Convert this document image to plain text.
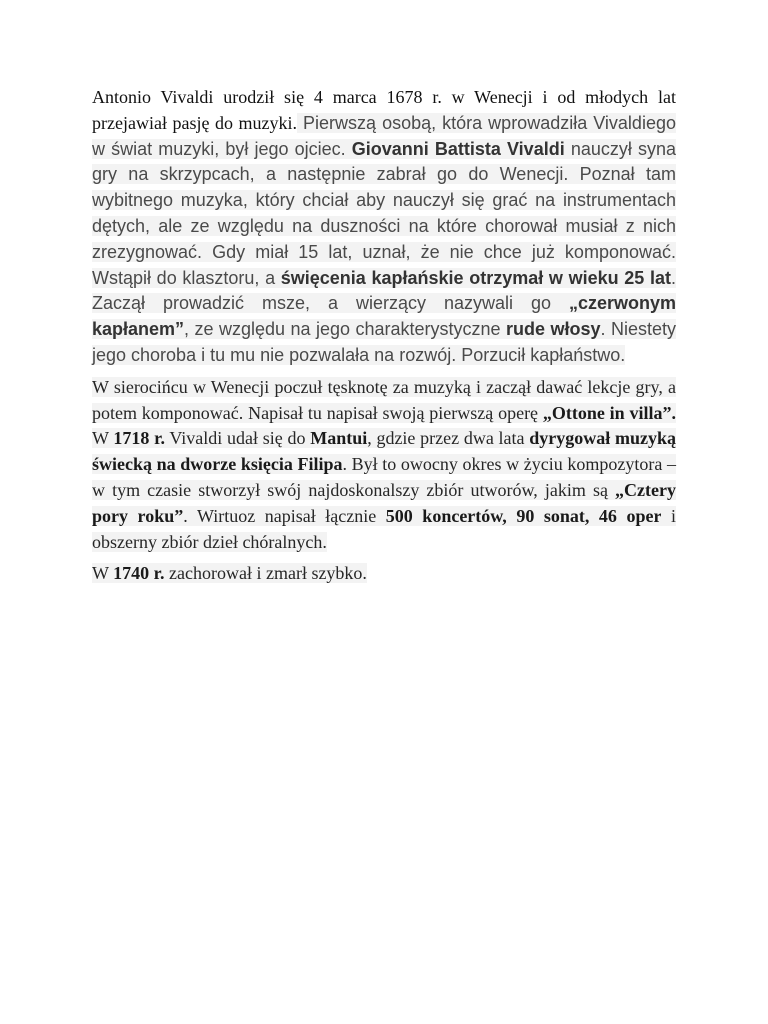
Antonio Vivaldi urodził się 4 marca 1678 r. w Wenecji i od młodych lat przejawiał pasję do muzyki. Pierwszą osobą, która wprowadziła Vivaldiego w świat muzyki, był jego ojciec. Giovanni Battista Vivaldi nauczył syna gry na skrzypcach, a następnie zabrał go do Wenecji. Poznał tam wybitnego muzyka, który chciał aby nauczył się grać na instrumentach dętych, ale ze względu na duszności na które chorował musiał z nich zrezygnować. Gdy miał 15 lat, uznał, że nie chce już komponować. Wstąpił do klasztoru, a święcenia kapłańskie otrzymał w wieku 25 lat. Zaczął prowadzić msze, a wierzący nazywali go „czerwonym kapłanem”, ze względu na jego charakterystyczne rude włosy. Niestety jego choroba i tu mu nie pozwalała na rozwój. Porzucił kapłaństwo.

W sierocińcu w Wenecji poczuł tęsknotę za muzyką i zaczął dawać lekcje gry, a potem komponować. Napisał tu napisał swoją pierwszą operę „Ottone in villa”. W 1718 r. Vivaldi udał się do Mantui, gdzie przez dwa lata dyrygował muzyką świecką na dworze księcia Filipa. Był to owocny okres w życiu kompozytora – w tym czasie stworzył swój najdoskonalszy zbiór utworów, jakim są „Cztery pory roku”. Wirtuoz napisał łącznie 500 koncertów, 90 sonat, 46 oper i obszerny zbiór dzieł chóralnych.

W 1740 r. zachorował i zmarł szybko.
